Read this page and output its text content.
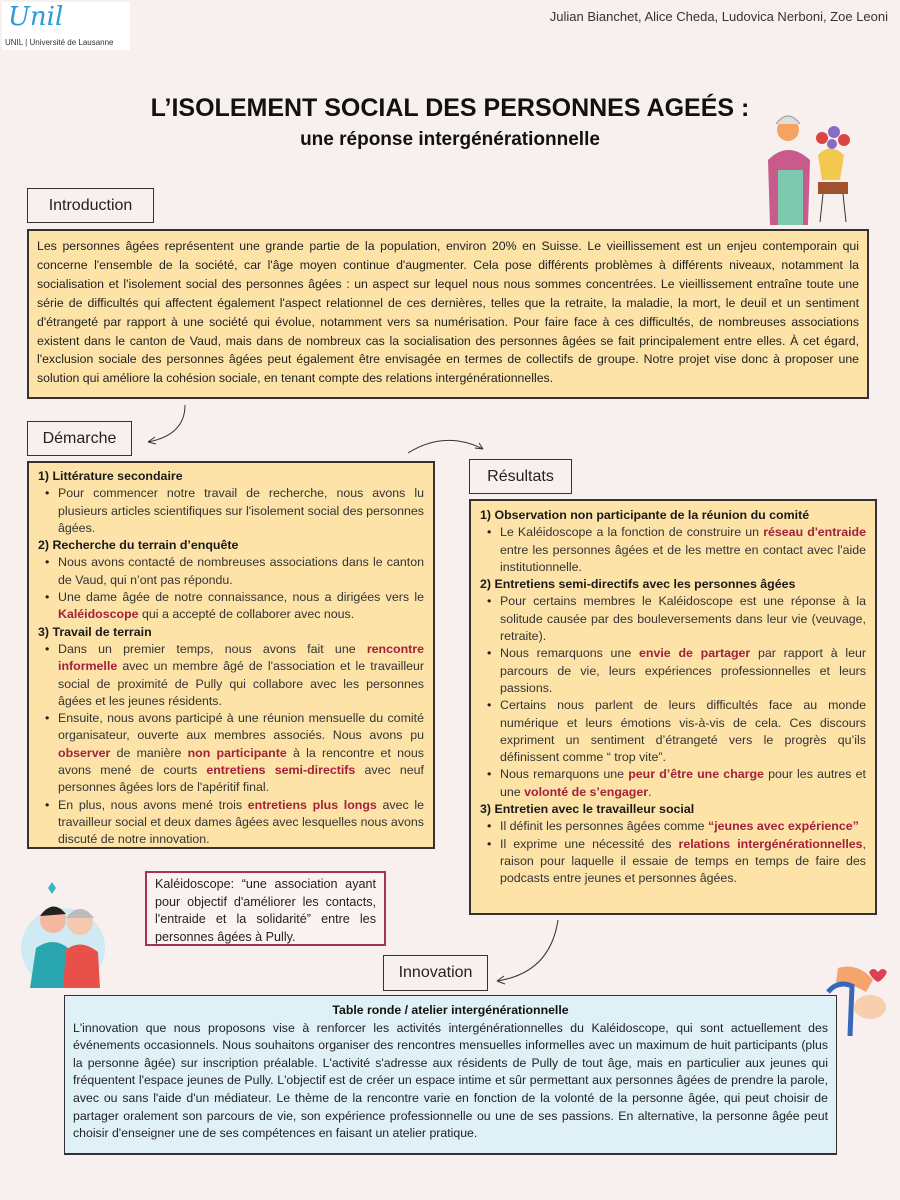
Unil
UNIL | Université de Lausanne
Julian Bianchet, Alice Cheda, Ludovica Nerboni, Zoe Leoni
L’ISOLEMENT SOCIAL DES PERSONNES AGEÉS :
une réponse intergénérationnelle
Introduction
Les personnes âgées représentent une grande partie de la population, environ 20% en Suisse. Le vieillissement est un enjeu contemporain qui concerne l'ensemble de la société, car l'âge moyen continue d'augmenter. Cela pose différents problèmes à différents niveaux, notamment la socialisation et l'isolement social des personnes âgées : un aspect sur lequel nous nous sommes concentrées. Le vieillissement entraîne toute une série de difficultés qui affectent également l'aspect relationnel de ces dernières, telles que la retraite, la maladie, la mort, le deuil et un sentiment d'étrangeté par rapport à une société qui évolue, notamment vers sa numérisation. Pour faire face à ces difficultés, de nombreuses associations existent dans le canton de Vaud, mais dans de nombreux cas la socialisation des personnes âgées se fait principalement entre elles. À cet égard, l'exclusion sociale des personnes âgées peut également être envisagée en termes de collectifs de groupe. Notre projet vise donc à proposer une solution qui améliore la cohésion sociale, en tenant compte des relations intergénérationnelles.
Démarche
Résultats
1) Littérature secondaire
• Pour commencer notre travail de recherche, nous avons lu plusieurs articles scientifiques sur l'isolement social des personnes âgées.
2) Recherche du terrain d’enquête
• Nous avons contacté de nombreuses associations dans le canton de Vaud, qui n’ont pas répondu.
• Une dame âgée de notre connaissance, nous a dirigées vers le Kaléidoscope qui a accepté de collaborer avec nous.
3) Travail de terrain
• Dans un premier temps, nous avons fait une rencontre informelle avec un membre âgé de l'association et le travailleur social de proximité de Pully qui collabore avec les personnes âgées et les jeunes résidents.
• Ensuite, nous avons participé à une réunion mensuelle du comité organisateur, ouverte aux membres associés. Nous avons pu observer de manière non participante à la rencontre et nous avons mené de courts entretiens semi-directifs avec neuf personnes âgées lors de l'apéritif final.
• En plus, nous avons mené trois entretiens plus longs avec le travailleur social et deux dames âgées avec lesquelles nous avons discuté de notre innovation.
1) Observation non participante de la réunion du comité
• Le Kaléidoscope a la fonction de construire un réseau d'entraide entre les personnes âgées et de les mettre en contact avec l'aide institutionnelle.
2) Entretiens semi-directifs avec les personnes âgées
• Pour certains membres le Kaléidoscope est une réponse à la solitude causée par des bouleversements dans leur vie (veuvage, retraite).
• Nous remarquons une envie de partager par rapport à leur parcours de vie, leurs expériences professionnelles et leurs passions.
• Certains nous parlent de leurs difficultés face au monde numérique et leurs émotions vis-à-vis de cela. Ces discours expriment un sentiment d’étrangeté vers le progrès qu’ils définissent comme “ trop vite”.
• Nous remarquons une peur d’être une charge pour les autres et une volonté de s’engager.
3) Entretien avec le travailleur social
• Il définit les personnes âgées comme “jeunes avec expérience”
• Il exprime une nécessité des relations intergénérationnelles, raison pour laquelle il essaie de temps en temps de faire des podcasts entre jeunes et personnes âgées.
Kaléidoscope: “une association ayant pour objectif d'améliorer les contacts, l'entraide et la solidarité” entre les personnes âgées à Pully.
Innovation
Table ronde / atelier intergénérationnelle
L'innovation que nous proposons vise à renforcer les activités intergénérationnelles du Kaléidoscope, qui sont actuellement des événements occasionnels. Nous souhaitons organiser des rencontres mensuelles informelles avec un maximum de huit participants (plus la personne âgée) sur inscription préalable. L'activité s'adresse aux résidents de Pully de tout âge, mais en particulier aux jeunes qui fréquentent l'espace jeunes de Pully. L'objectif est de créer un espace intime et sûr permettant aux personnes âgées de prendre la parole, avec ou sans l'aide d'un médiateur. Le thème de la rencontre varie en fonction de la volonté de la personne âgée, qui peut choisir de partager oralement son parcours de vie, son expérience professionnelle ou une de ses passions. En alternative, la personne âgée peut choisir d'enseigner une de ses compétences en faisant un atelier pratique.
